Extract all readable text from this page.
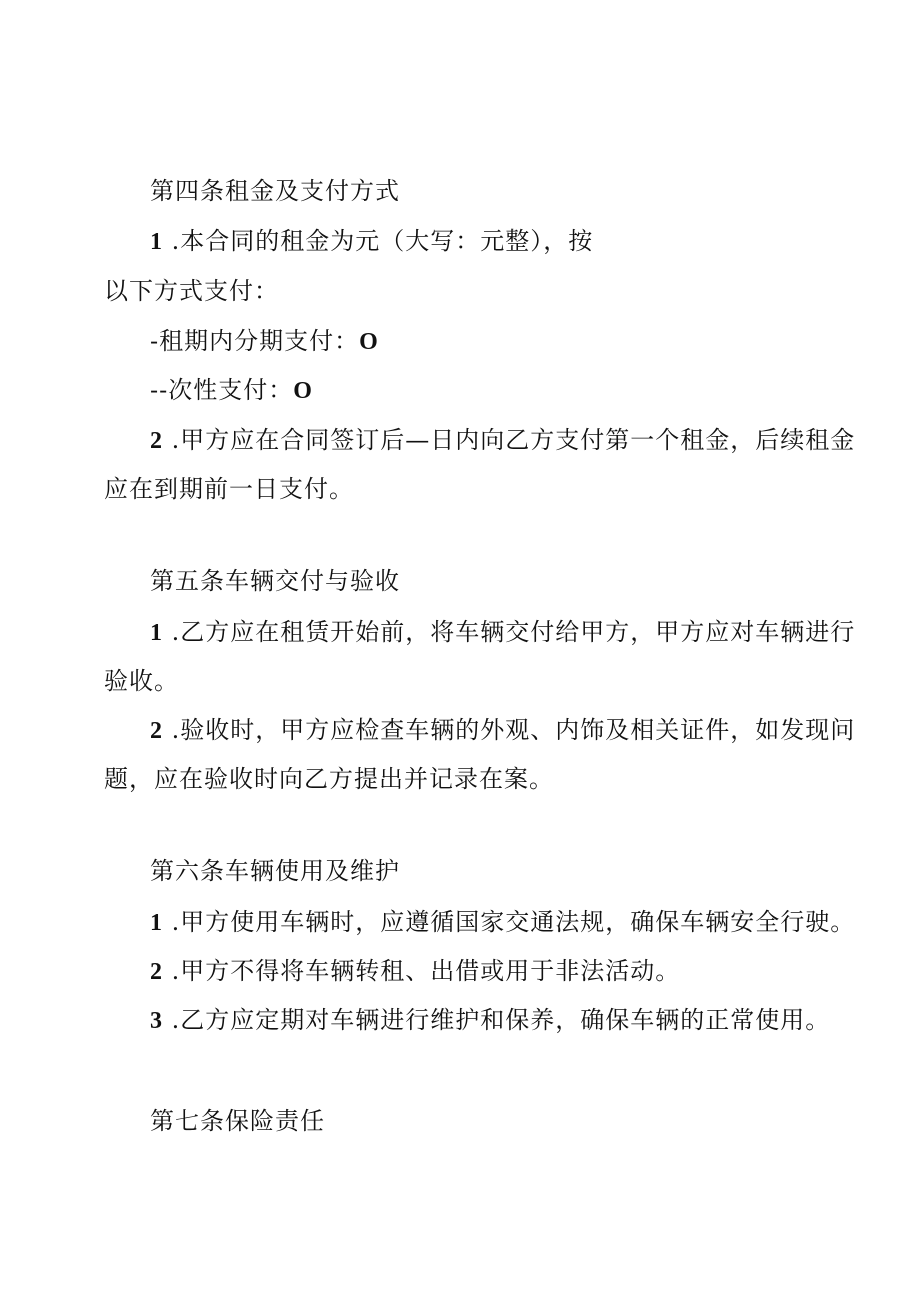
第四条租金及支付方式
1 .本合同的租金为元（大写：元整），按
以下方式支付：
-租期内分期支付：O
--次性支付：O
2 .甲方应在合同签订后—日内向乙方支付第一个租金，后续租金
应在到期前一日支付。
第五条车辆交付与验收
1 .乙方应在租赁开始前，将车辆交付给甲方，甲方应对车辆进行
验收。
2 .验收时，甲方应检查车辆的外观、内饰及相关证件，如发现问
题，应在验收时向乙方提出并记录在案。
第六条车辆使用及维护
1 .甲方使用车辆时，应遵循国家交通法规，确保车辆安全行驶。
2 .甲方不得将车辆转租、出借或用于非法活动。
3 .乙方应定期对车辆进行维护和保养，确保车辆的正常使用。
第七条保险责任
